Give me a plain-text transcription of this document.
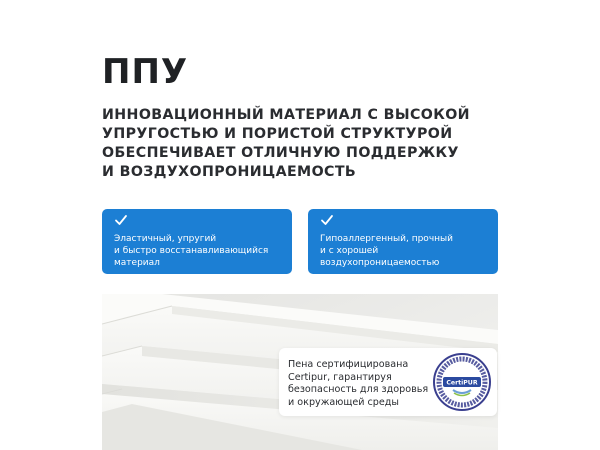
ППУ
ИННОВАЦИОННЫЙ МАТЕРИАЛ С ВЫСОКОЙ
УПРУГОСТЬЮ И ПОРИСТОЙ СТРУКТУРОЙ
ОБЕСПЕЧИВАЕТ ОТЛИЧНУЮ ПОДДЕРЖКУ
И ВОЗДУХОПРОНИЦАЕМОСТЬ
Эластичный, упругий
и быстро восстанавливающийся
материал
Гипоаллергенный, прочный
и с хорошей
воздухопроницаемостью
Пена сертифицирована
Certipur, гарантируя
безопасность для здоровья
и окружающей среды
CertiPUR
